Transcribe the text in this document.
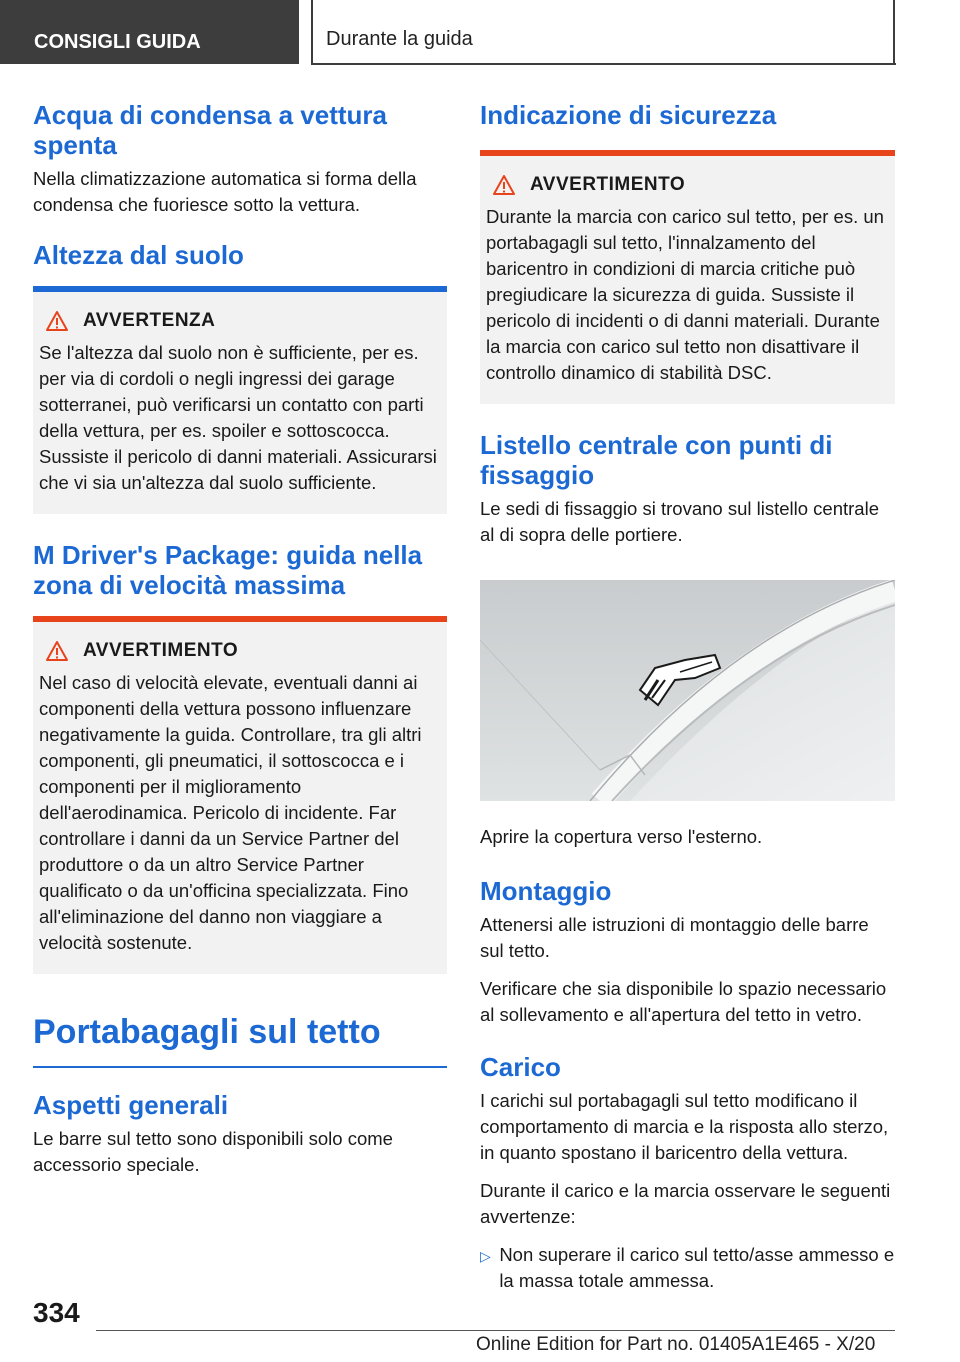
CONSIGLI GUIDA	Durante la guida
Acqua di condensa a vettura spenta

Nella climatizzazione automatica si forma della condensa che fuoriesce sotto la vettura.

Altezza dal suolo
AVVERTENZA

Se l'altezza dal suolo non è sufficiente, per es. per via di cordoli o negli ingressi dei garage sotterranei, può verificarsi un contatto con parti della vettura, per es. spoiler e sottoscocca. Sussiste il pericolo di danni materiali. Assicurarsi che vi sia un'altezza dal suolo sufficiente.

M Driver's Package: guida nella zona di velocità massima
AVVERTIMENTO

Nel caso di velocità elevate, eventuali danni ai componenti della vettura possono influenzare negativamente la guida. Controllare, tra gli altri componenti, gli pneumatici, il sottoscocca e i componenti per il miglioramento dell'aerodinamica. Pericolo di incidente. Far controllare i danni da un Service Partner del produttore o da un altro Service Partner qualificato o da un'officina specializzata. Fino all'eliminazione del danno non viaggiare a velocità sostenute.

Portabagagli sul tetto
Aspetti generali

Le barre sul tetto sono disponibili solo come accessorio speciale.

Indicazione di sicurezza
AVVERTIMENTO

Durante la marcia con carico sul tetto, per es. un portabagagli sul tetto, l'innalzamento del baricentro in condizioni di marcia critiche può pregiudicare la sicurezza di guida. Sussiste il pericolo di incidenti o di danni materiali. Durante la marcia con carico sul tetto non disattivare il controllo dinamico di stabilità DSC.

Listello centrale con punti di fissaggio

Le sedi di fissaggio si trovano sul listello centrale al di sopra delle portiere.

Aprire la copertura verso l'esterno.

Montaggio

Attenersi alle istruzioni di montaggio delle barre sul tetto.

Verificare che sia disponibile lo spazio necessario al sollevamento e all'apertura del tetto in vetro.

Carico

I carichi sul portabagagli sul tetto modificano il comportamento di marcia e la risposta allo sterzo, in quanto spostano il baricentro della vettura.

Durante il carico e la marcia osservare le seguenti avvertenze:

▷ Non superare il carico sul tetto/asse ammesso e la massa totale ammessa.
334
Online Edition for Part no. 01405A1E465 - X/20
